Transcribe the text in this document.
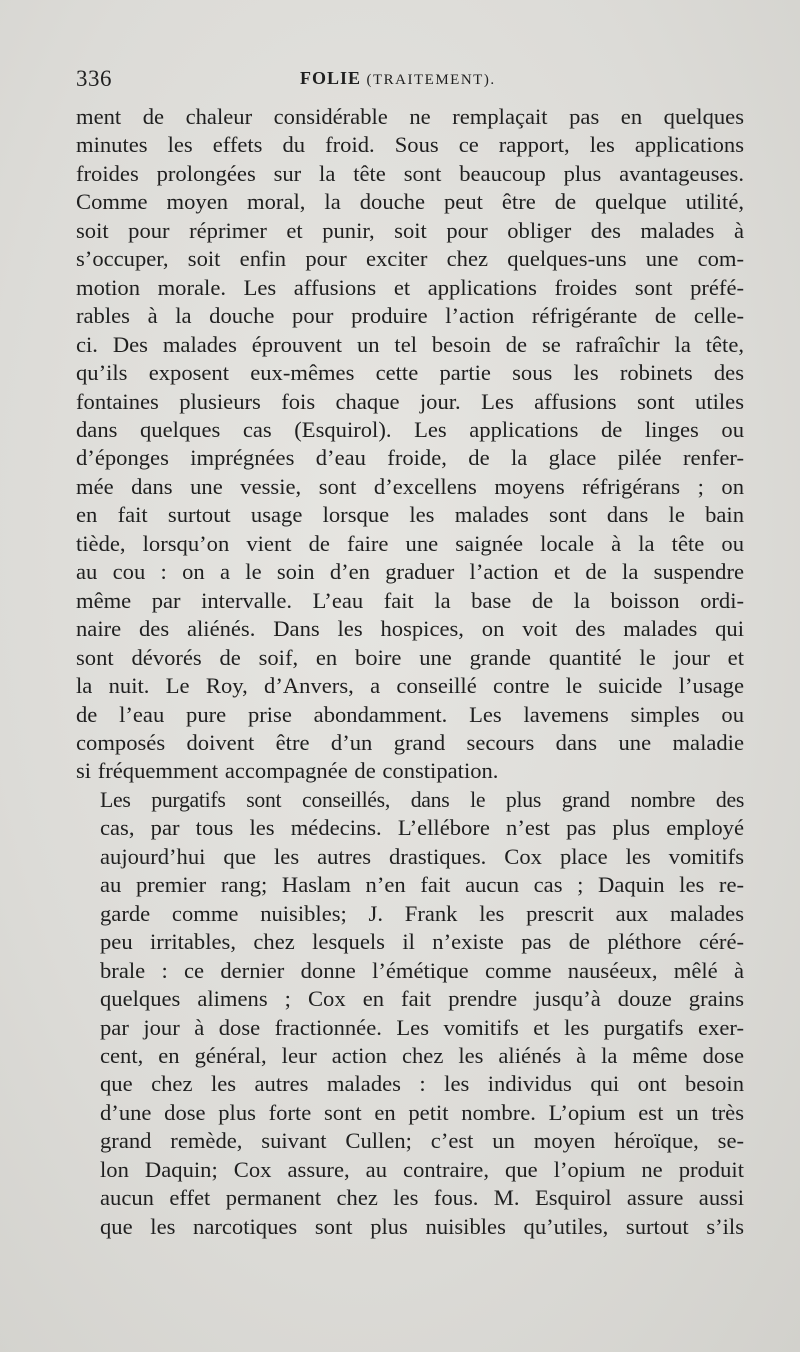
336	FOLIE (TRAITEMENT).

ment de chaleur considérable ne remplaçait pas en quelques
minutes les effets du froid. Sous ce rapport, les applications
froides prolongées sur la tête sont beaucoup plus avantageuses.
Comme moyen moral, la douche peut être de quelque utilité,
soit pour réprimer et punir, soit pour obliger des malades à
s’occuper, soit enfin pour exciter chez quelques-uns une com-
motion morale. Les affusions et applications froides sont préfé-
rables à la douche pour produire l’action réfrigérante de celle-
ci. Des malades éprouvent un tel besoin de se rafraîchir la tête,
qu’ils exposent eux-mêmes cette partie sous les robinets des
fontaines plusieurs fois chaque jour. Les affusions sont utiles
dans quelques cas (Esquirol). Les applications de linges ou
d’éponges imprégnées d’eau froide, de la glace pilée renfer-
mée dans une vessie, sont d’excellens moyens réfrigérans ; on
en fait surtout usage lorsque les malades sont dans le bain
tiède, lorsqu’on vient de faire une saignée locale à la tête ou
au cou : on a le soin d’en graduer l’action et de la suspendre
même par intervalle. L’eau fait la base de la boisson ordi-
naire des aliénés. Dans les hospices, on voit des malades qui
sont dévorés de soif, en boire une grande quantité le jour et
la nuit. Le Roy, d’Anvers, a conseillé contre le suicide l’usage
de l’eau pure prise abondamment. Les lavemens simples ou
composés doivent être d’un grand secours dans une maladie
si fréquemment accompagnée de constipation.

Les purgatifs sont conseillés, dans le plus grand nombre des
cas, par tous les médecins. L’ellébore n’est pas plus employé
aujourd’hui que les autres drastiques. Cox place les vomitifs
au premier rang; Haslam n’en fait aucun cas ; Daquin les re-
garde comme nuisibles; J. Frank les prescrit aux malades
peu irritables, chez lesquels il n’existe pas de pléthore céré-
brale : ce dernier donne l’émétique comme nauséeux, mêlé à
quelques alimens ; Cox en fait prendre jusqu’à douze grains
par jour à dose fractionnée. Les vomitifs et les purgatifs exer-
cent, en général, leur action chez les aliénés à la même dose
que chez les autres malades : les individus qui ont besoin
d’une dose plus forte sont en petit nombre. L’opium est un très
grand remède, suivant Cullen; c’est un moyen héroïque, se-
lon Daquin; Cox assure, au contraire, que l’opium ne produit
aucun effet permanent chez les fous. M. Esquirol assure aussi
que les narcotiques sont plus nuisibles qu’utiles, surtout s’ils
